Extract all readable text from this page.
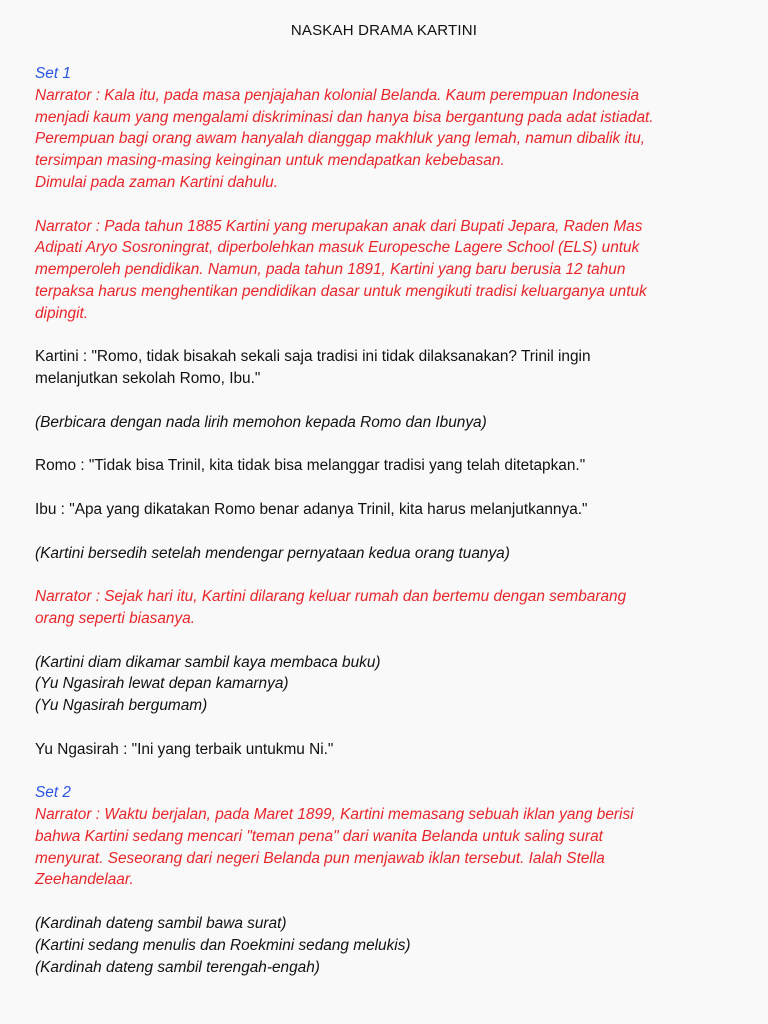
NASKAH DRAMA KARTINI
Set 1
Narrator : Kala itu, pada masa penjajahan kolonial Belanda. Kaum perempuan Indonesia
menjadi kaum yang mengalami diskriminasi dan hanya bisa bergantung pada adat istiadat.
Perempuan bagi orang awam hanyalah dianggap makhluk yang lemah, namun dibalik itu,
tersimpan masing-masing keinginan untuk mendapatkan kebebasan.
Dimulai pada zaman Kartini dahulu.
Narrator : Pada tahun 1885 Kartini yang merupakan anak dari Bupati Jepara, Raden Mas
Adipati Aryo Sosroningrat, diperbolehkan masuk Europesche Lagere School (ELS) untuk
memperoleh pendidikan. Namun, pada tahun 1891, Kartini yang baru berusia 12 tahun
terpaksa harus menghentikan pendidikan dasar untuk mengikuti tradisi keluarganya untuk
dipingit.
Kartini : "Romo, tidak bisakah sekali saja tradisi ini tidak dilaksanakan? Trinil ingin
melanjutkan sekolah Romo, Ibu."
(Berbicara dengan nada lirih memohon kepada Romo dan Ibunya)
Romo : "Tidak bisa Trinil, kita tidak bisa melanggar tradisi yang telah ditetapkan."
Ibu : "Apa yang dikatakan Romo benar adanya Trinil, kita harus melanjutkannya."
(Kartini bersedih setelah mendengar pernyataan kedua orang tuanya)
Narrator : Sejak hari itu, Kartini dilarang keluar rumah dan bertemu dengan sembarang
orang seperti biasanya.
(Kartini diam dikamar sambil kaya membaca buku)
(Yu Ngasirah lewat depan kamarnya)
(Yu Ngasirah bergumam)
Yu Ngasirah : "Ini yang terbaik untukmu Ni."
Set 2
Narrator : Waktu berjalan, pada Maret 1899, Kartini memasang sebuah iklan yang berisi
bahwa Kartini sedang mencari "teman pena" dari wanita Belanda untuk saling surat
menyurat. Seseorang dari negeri Belanda pun menjawab iklan tersebut. Ialah Stella
Zeehandelaar.
(Kardinah dateng sambil bawa surat)
(Kartini sedang menulis dan Roekmini sedang melukis)
(Kardinah dateng sambil terengah-engah)
